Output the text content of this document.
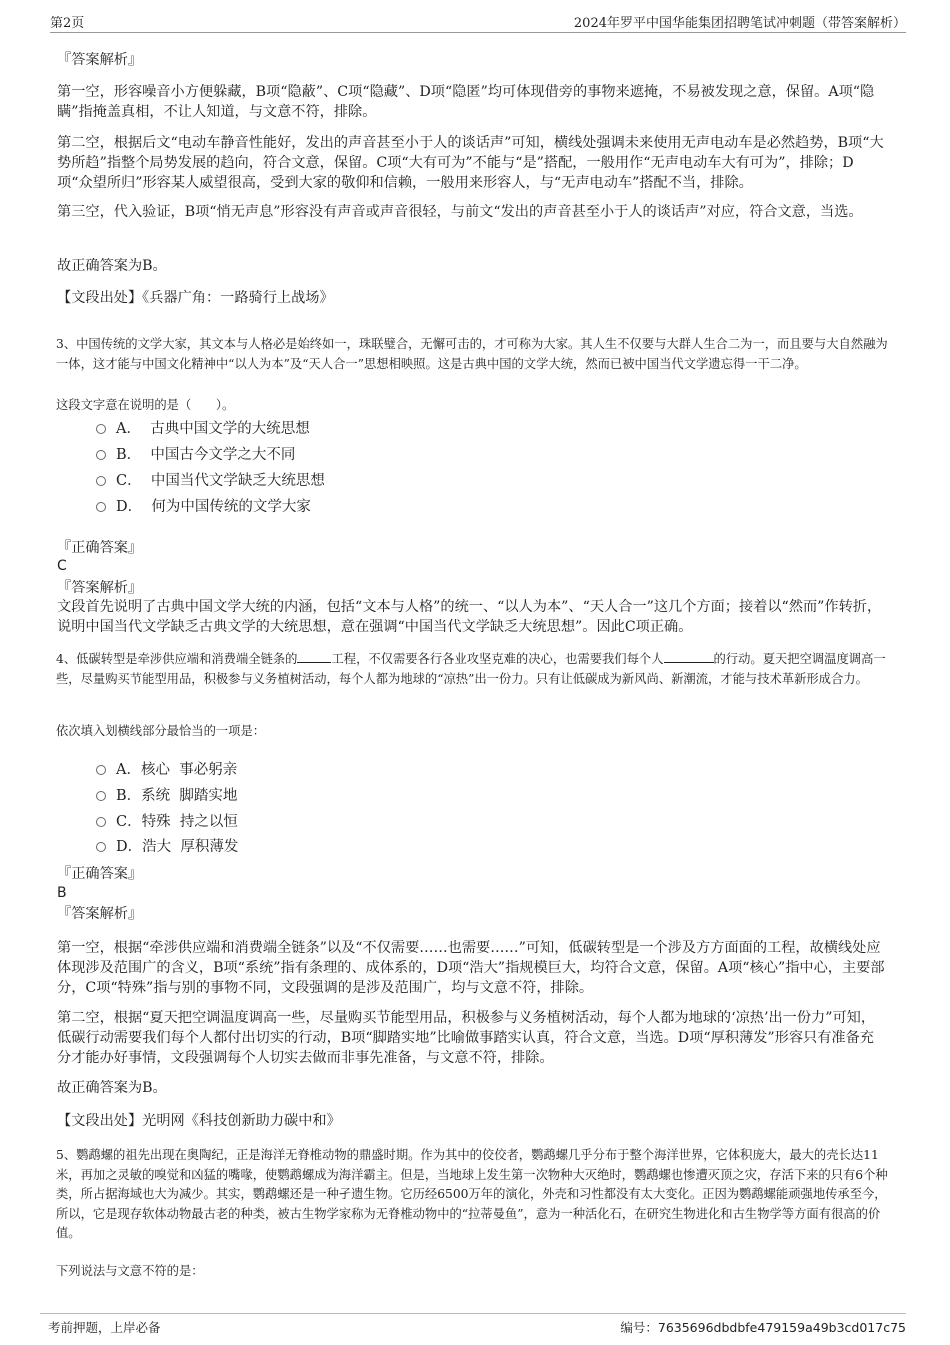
第2页	2024年罗平中国华能集团招聘笔试冲刺题（带答案解析）

『答案解析』

第一空，形容噪音小方便躲藏，B项“隐蔽”、C项“隐藏”、D项“隐匿”均可体现借旁的事物来遮掩，不易被发现之意，保留。A项“隐瞒”指掩盖真相，不让人知道，与文意不符，排除。

第二空，根据后文“电动车静音性能好，发出的声音甚至小于人的谈话声”可知，横线处强调未来使用无声电动车是必然趋势，B项“大势所趋”指整个局势发展的趋向，符合文意，保留。C项“大有可为”不能与“是”搭配，一般用作“无声电动车大有可为”，排除；D项“众望所归”形容某人威望很高，受到大家的敬仰和信赖，一般用来形容人，与“无声电动车”搭配不当，排除。

第三空，代入验证，B项“悄无声息”形容没有声音或声音很轻，与前文“发出的声音甚至小于人的谈话声”对应，符合文意，当选。

故正确答案为B。

【文段出处】《兵器广角：一路骑行上战场》

3、中国传统的文学大家，其文本与人格必是始终如一，珠联璧合，无懈可击的，才可称为大家。其人生不仅要与大群人生合二为一，而且要与大自然融为一体，这才能与中国文化精神中“以人为本”及“天人合一”思想相映照。这是古典中国的文学大统，然而已被中国当代文学遗忘得一干二净。

这段文字意在说明的是（　　）。

A． 古典中国文学的大统思想
B． 中国古今文学之大不同
C． 中国当代文学缺乏大统思想
D． 何为中国传统的文学大家

『正确答案』

C

『答案解析』

文段首先说明了古典中国文学大统的内涵，包括“文本与人格”的统一、“以人为本”、“天人合一”这几个方面；接着以“然而”作转折，说明中国当代文学缺乏古典文学的大统思想，意在强调“中国当代文学缺乏大统思想”。因此C项正确。

4、低碳转型是牵涉供应端和消费端全链条的	工程，不仅需要各行各业攻坚克难的决心，也需要我们每个人	的行动。夏天把空调温度调高一些，尽量购买节能型用品，积极参与义务植树活动，每个人都为地球的“凉热”出一份力。只有让低碳成为新风尚、新潮流，才能与技术革新形成合力。

依次填入划横线部分最恰当的一项是：

A．核心  事必躬亲
B．系统  脚踏实地
C．特殊  持之以恒
D．浩大  厚积薄发

『正确答案』

B

『答案解析』

第一空，根据“牵涉供应端和消费端全链条”以及“不仅需要……也需要……”可知，低碳转型是一个涉及方方面面的工程，故横线处应体现涉及范围广的含义，B项“系统”指有条理的、成体系的，D项“浩大”指规模巨大，均符合文意，保留。A项“核心”指中心，主要部分，C项“特殊”指与别的事物不同，文段强调的是涉及范围广，均与文意不符，排除。

第二空，根据“夏天把空调温度调高一些，尽量购买节能型用品，积极参与义务植树活动，每个人都为地球的‘凉热’出一份力”可知，低碳行动需要我们每个人都付出切实的行动，B项“脚踏实地”比喻做事踏实认真，符合文意，当选。D项“厚积薄发”形容只有准备充分才能办好事情，文段强调每个人切实去做而非事先准备，与文意不符，排除。

故正确答案为B。

【文段出处】光明网《科技创新助力碳中和》

5、鹦鹉螺的祖先出现在奥陶纪，正是海洋无脊椎动物的鼎盛时期。作为其中的佼佼者，鹦鹉螺几乎分布于整个海洋世界，它体积庞大，最大的壳长达11米，再加之灵敏的嗅觉和凶猛的嘴喙，使鹦鹉螺成为海洋霸主。但是，当地球上发生第一次物种大灭绝时，鹦鹉螺也惨遭灭顶之灾，存活下来的只有6个种类，所占据海域也大为减少。其实，鹦鹉螺还是一种孑遗生物。它历经6500万年的演化，外壳和习性都没有太大变化。正因为鹦鹉螺能顽强地传承至今，所以，它是现存软体动物最古老的种类，被古生物学家称为无脊椎动物中的“拉蒂曼鱼”，意为一种活化石，在研究生物进化和古生物学等方面有很高的价值。

下列说法与文意不符的是：

考前押题，上岸必备	编号：7635696dbdbfe479159a49b3cd017c75
